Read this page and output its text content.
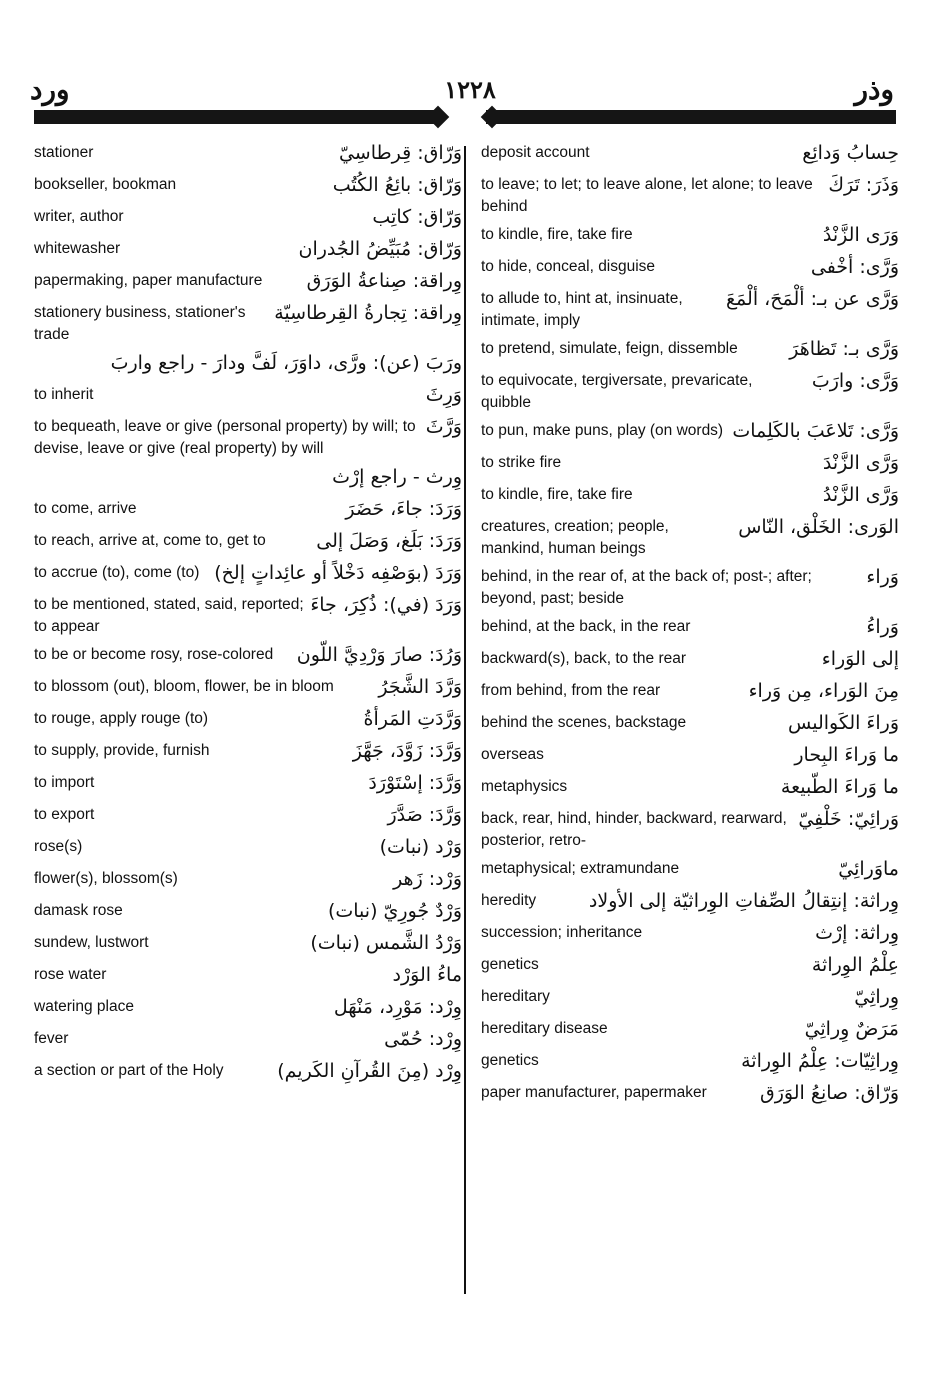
وذر
١٢٢٨
ورد
وَرّاق: قِرطاسِيّ
stationer
وَرّاق: بائِعُ الكُتُب
bookseller, bookman
وَرّاق: كاتِب
writer, author
وَرّاق: مُبَيِّضُ الجُدران
whitewasher
وِراقة: صِناعةُ الوَرَق
papermaking, paper manufacture
وِراقة: تِجارةُ القِرطاسِيّة
stationery business, stationer's trade
ورَبَ (عن): ورَّى، داوَرَ، لَفَّ ودارَ - راجع واربَ
وَرِثَ
to inherit
وَرَّثَ
to bequeath, leave or give (personal property) by will; to devise, leave or give (real property) by will
وِرث - راجع إرْث
وَرَدَ: جاءَ، حَضَرَ
to come, arrive
وَرَدَ: بَلَغ، وَصَلَ إلى
to reach, arrive at, come to, get to
وَرَدَ (بوَصْفِه دَخْلاً أو عائِداتٍ إلخ)
to accrue (to), come (to)
وَرَدَ (في): ذُكِرَ، جاءَ
to be mentioned, stated, said, reported; to appear
وَرُدَ: صارَ وَرْدِيَّ اللَّون
to be or become rosy, rose-colored
وَرَّدَ الشَّجَرُ
to blossom (out), bloom, flower, be in bloom
وَرَّدَتِ المَرأةُ
to rouge, apply rouge (to)
وَرَّدَ: زَوَّدَ، جَهَّزَ
to supply, provide, furnish
وَرَّدَ: إسْتَوْرَدَ
to import
وَرَّدَ: صَدَّرَ
to export
وَرْد (نبات)
rose(s)
وَرْد: زَهر
flower(s), blossom(s)
وَرْدٌ جُورِيّ (نبات)
damask rose
وَرْدُ الشَّمس (نبات)
sundew, lustwort
ماءُ الوَرْد
rose water
وِرْد: مَوْرِد، مَنْهَل
watering place
وِرْد: حُمّى
fever
وِرْد (مِنَ القُرآنِ الكَريم)
a section or part of the Holy
حِسابُ وَدائِع
deposit account
وَذَرَ: تَرَكَ
to leave; to let; to leave alone, let alone; to leave behind
وَرَى الزَّنْدُ
to kindle, fire, take fire
وَرَّى: أخْفى
to hide, conceal, disguise
وَرَّى عن بـ: ألْمَحَ، ألْمَعَ
to allude to, hint at, insinuate, intimate, imply
وَرَّى بـ: تَظاهَرَ
to pretend, simulate, feign, dissemble
وَرَّى: وارَبَ
to equivocate, tergiversate, prevaricate, quibble
وَرَّى: تَلاعَبَ بالكَلِمات
to pun, make puns, play (on words)
وَرَّى الزَّنْدَ
to strike fire
وَرَّى الزَّنْدُ
to kindle, fire, take fire
الوَرى: الخَلْق، النّاس
creatures, creation; people, mankind, human beings
وَراء
behind, in the rear of, at the back of; post-; after; beyond, past; beside
وَراءُ
behind, at the back, in the rear
إلى الوَراء
backward(s), back, to the rear
مِنَ الوَراء، مِن وَراء
from behind, from the rear
وَراءَ الكَواليس
behind the scenes, backstage
ما وَراءَ البِحار
overseas
ما وَراءَ الطَّبيعة
metaphysics
وَرائِيّ: خَلْفِيّ
back, rear, hind, hinder, backward, rearward, posterior, retro-
ماوَرائِيّ
metaphysical; extramundane
وِراثة: إنتِقالُ الصِّفاتِ الوِراثيّة إلى الأولاد
heredity
وِراثة: إرْث
succession; inheritance
عِلْمُ الوِراثة
genetics
وِراثِيّ
hereditary
مَرَضٌ وِراثِيّ
hereditary disease
وِراثِيّات: عِلْمُ الوِراثة
genetics
وَرّاق: صانِعُ الوَرَق
paper manufacturer, papermaker
